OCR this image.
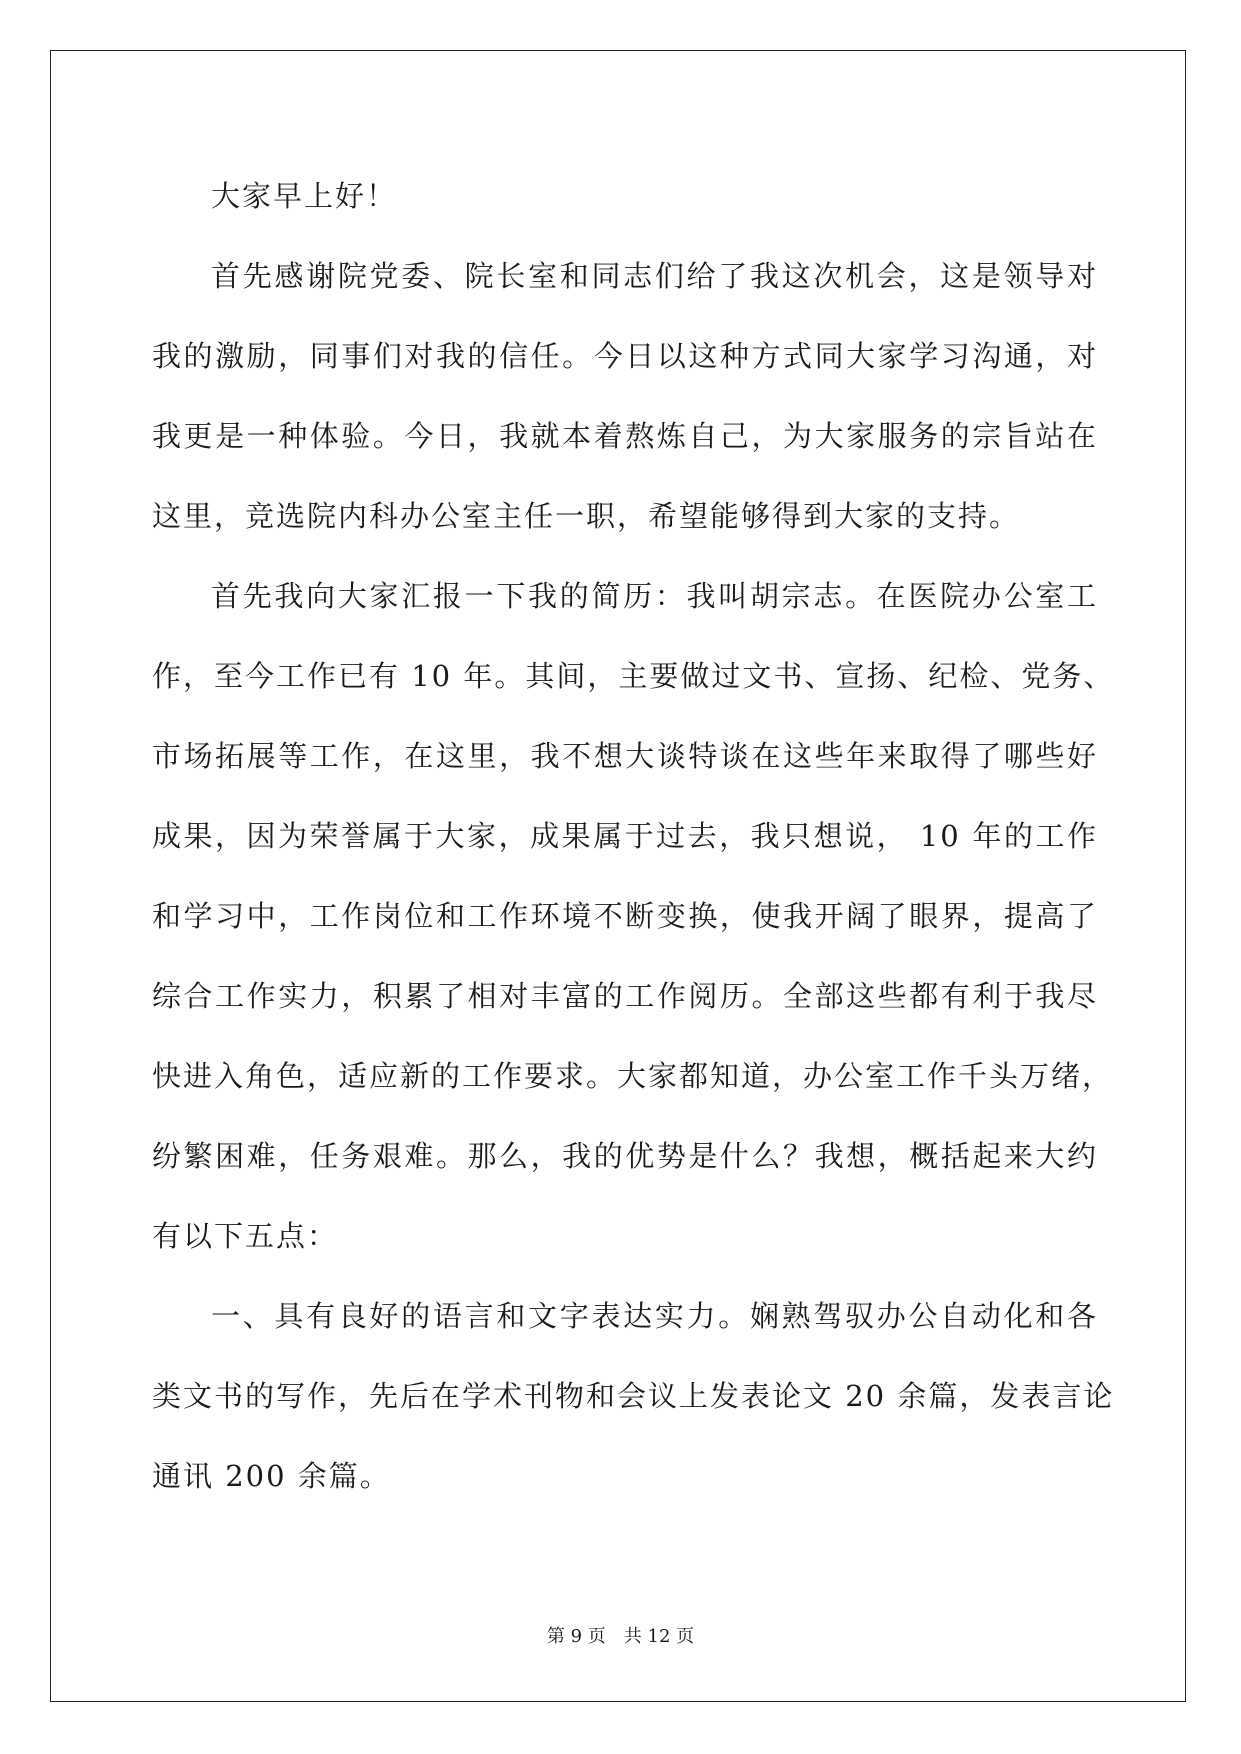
大家早上好！
首先感谢院党委、院长室和同志们给了我这次机会，这是领导对
我的激励，同事们对我的信任。今日以这种方式同大家学习沟通，对
我更是一种体验。今日，我就本着熬炼自己，为大家服务的宗旨站在
这里，竞选院内科办公室主任一职，希望能够得到大家的支持。
首先我向大家汇报一下我的简历：我叫胡宗志。在医院办公室工
作，至今工作已有 10 年。其间，主要做过文书、宣扬、纪检、党务、
市场拓展等工作，在这里，我不想大谈特谈在这些年来取得了哪些好
成果，因为荣誉属于大家，成果属于过去，我只想说， 10 年的工作
和学习中，工作岗位和工作环境不断变换，使我开阔了眼界，提高了
综合工作实力，积累了相对丰富的工作阅历。全部这些都有利于我尽
快进入角色，适应新的工作要求。大家都知道，办公室工作千头万绪，
纷繁困难，任务艰难。那么，我的优势是什么？我想，概括起来大约
有以下五点：
一、具有良好的语言和文字表达实力。娴熟驾驭办公自动化和各
类文书的写作，先后在学术刊物和会议上发表论文 20 余篇，发表言论
通讯 200 余篇。
第 9 页 共 12 页
